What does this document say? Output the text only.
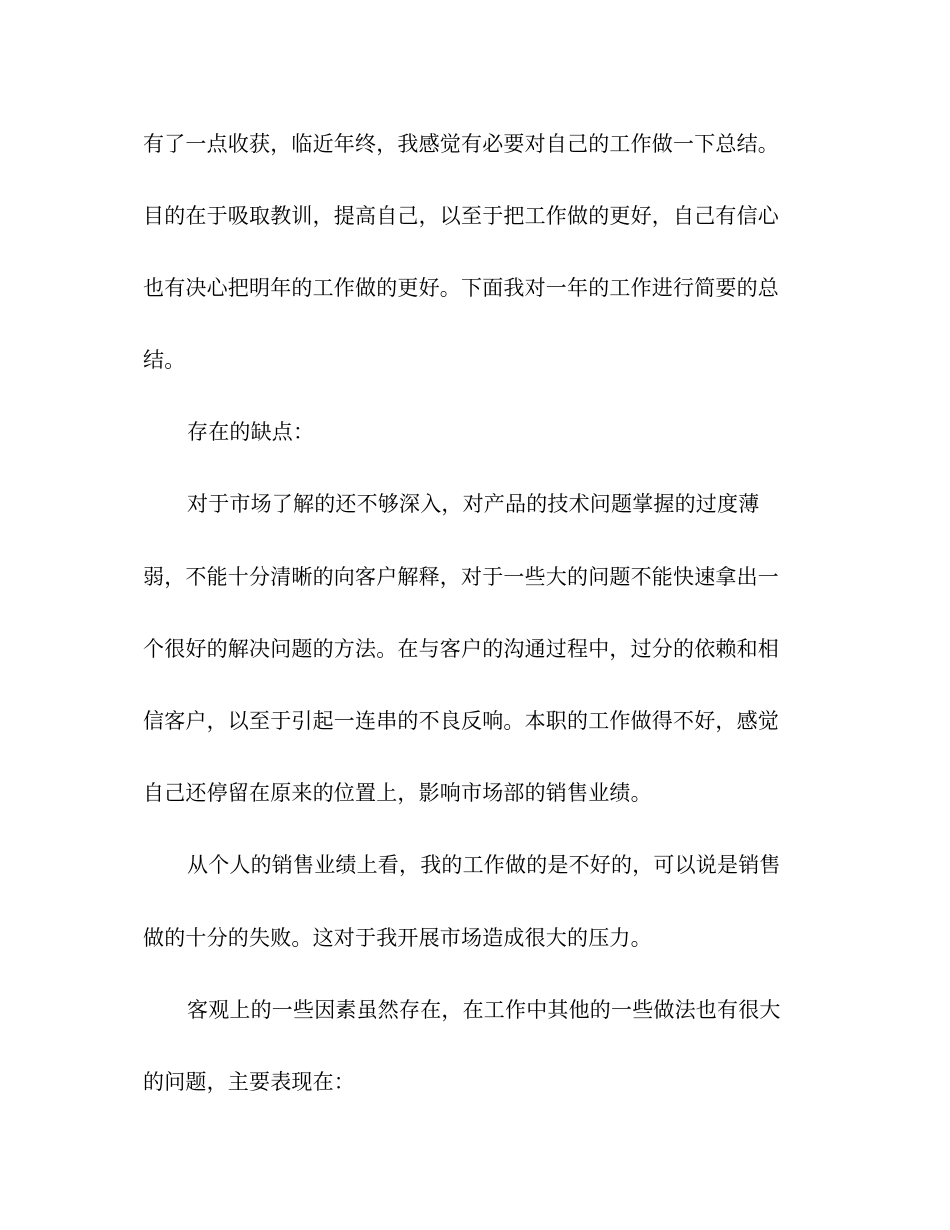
有了一点收获，临近年终，我感觉有必要对自己的工作做一下总结。
目的在于吸取教训，提高自己，以至于把工作做的更好，自己有信心
也有决心把明年的工作做的更好。下面我对一年的工作进行简要的总
结。
存在的缺点：
对于市场了解的还不够深入，对产品的技术问题掌握的过度薄
弱，不能十分清晰的向客户解释，对于一些大的问题不能快速拿出一
个很好的解决问题的方法。在与客户的沟通过程中，过分的依赖和相
信客户，以至于引起一连串的不良反响。本职的工作做得不好，感觉
自己还停留在原来的位置上，影响市场部的销售业绩。
从个人的销售业绩上看，我的工作做的是不好的，可以说是销售
做的十分的失败。这对于我开展市场造成很大的压力。
客观上的一些因素虽然存在，在工作中其他的一些做法也有很大
的问题，主要表现在：
